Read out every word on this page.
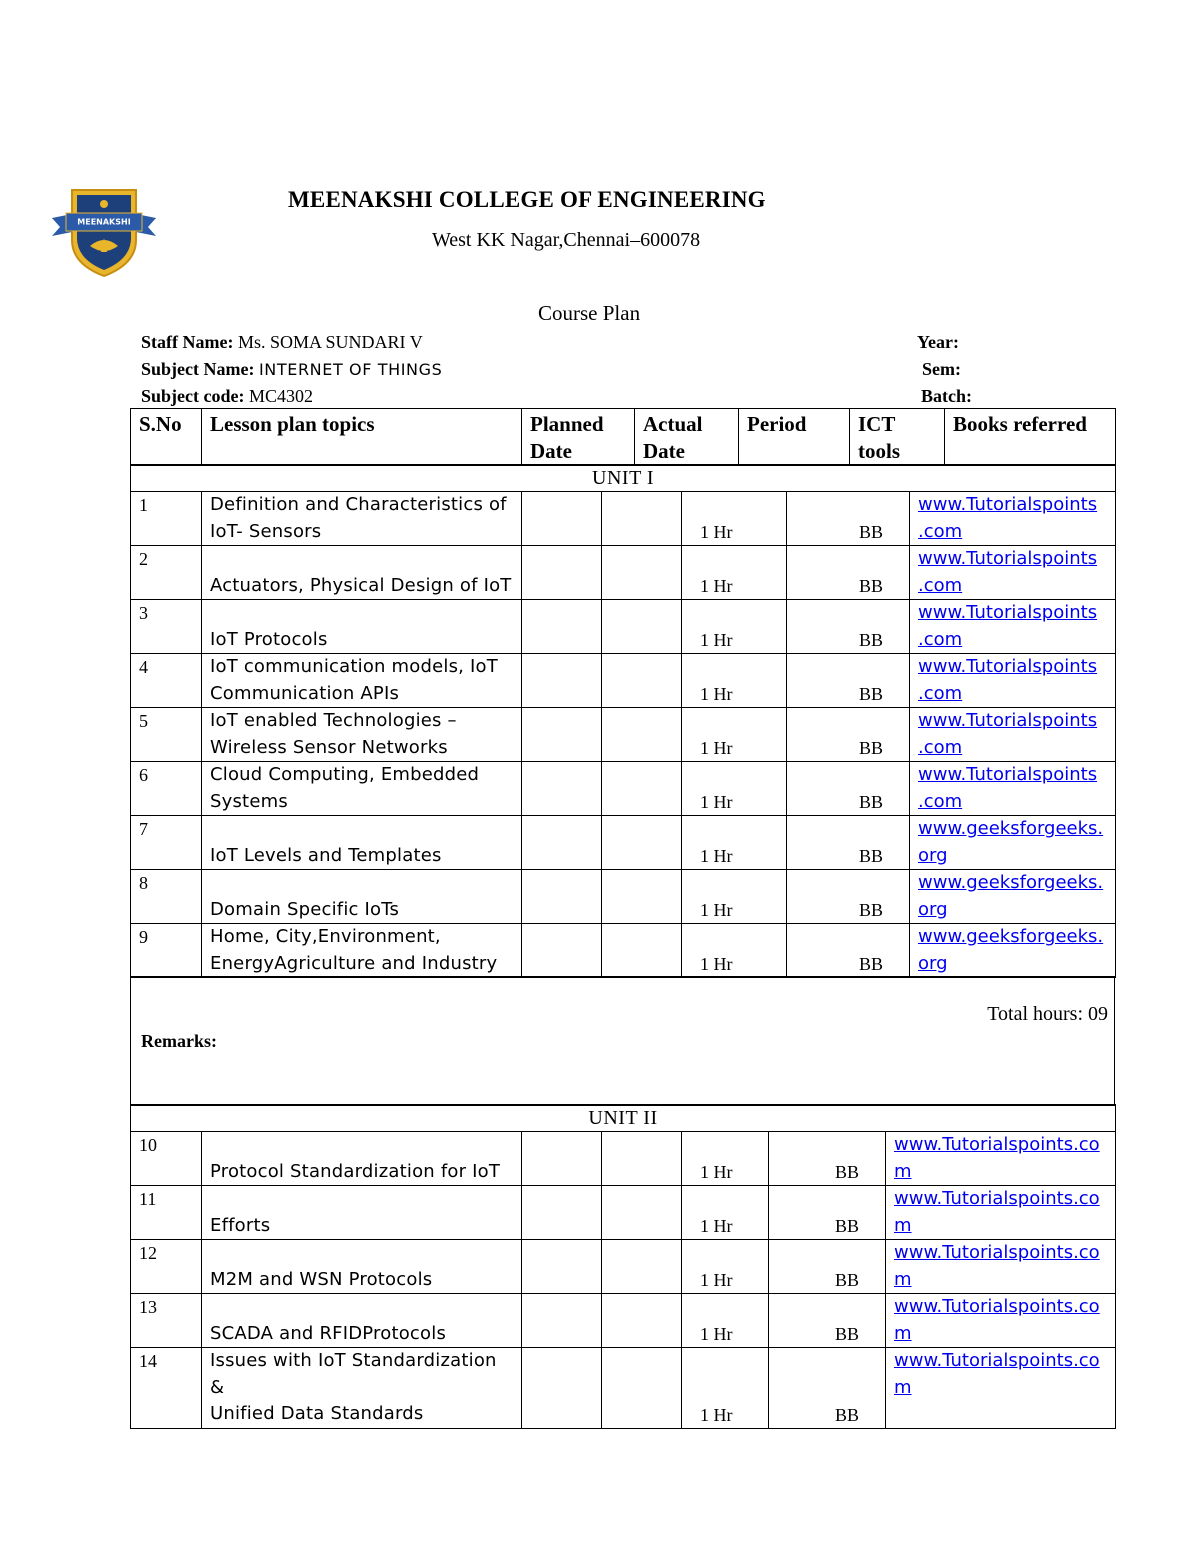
MEENAKSHI
MEENAKSHI COLLEGE OF ENGINEERING
West KK Nagar,Chennai–600078
Course Plan
Staff Name: Ms. SOMA SUNDARI V
Subject Name: INTERNET OF THINGS
Subject code: MC4302
Year:
Sem:
Batch:
S.No	Lesson plan topics	Planned Date	Actual Date	Period	ICT tools	Books referred
UNIT I						
1	Definition and Characteristics of
IoT- Sensors			1 Hr	BB	www.Tutorialspoints
.com

2	Actuators, Physical Design of IoT			1 Hr	BB	www.Tutorialspoints
.com

3	IoT Protocols			1 Hr	BB	www.Tutorialspoints
.com

4	IoT communication models, IoT
Communication APIs			1 Hr	BB	www.Tutorialspoints
.com

5	IoT enabled Technologies –
Wireless Sensor Networks			1 Hr	BB	www.Tutorialspoints
.com

6	Cloud Computing, Embedded
Systems			1 Hr	BB	www.Tutorialspoints
.com

7	IoT Levels and Templates			1 Hr	BB	www.geeksforgeeks.
org

8	Domain Specific IoTs			1 Hr	BB	www.geeksforgeeks.
org

9	Home, City,Environment,
EnergyAgriculture and Industry			1 Hr	BB	www.geeksforgeeks.
org
Total hours: 09
Remarks:
UNIT II						
10	Protocol Standardization for IoT			1 Hr	BB	www.Tutorialspoints.co
m

11	Efforts			1 Hr	BB	www.Tutorialspoints.co
m

12	M2M and WSN Protocols			1 Hr	BB	www.Tutorialspoints.co
m

13	SCADA and RFIDProtocols			1 Hr	BB	www.Tutorialspoints.co
m

14	Issues with IoT Standardization &
Unified Data Standards			1 Hr	BB	www.Tutorialspoints.co
m
